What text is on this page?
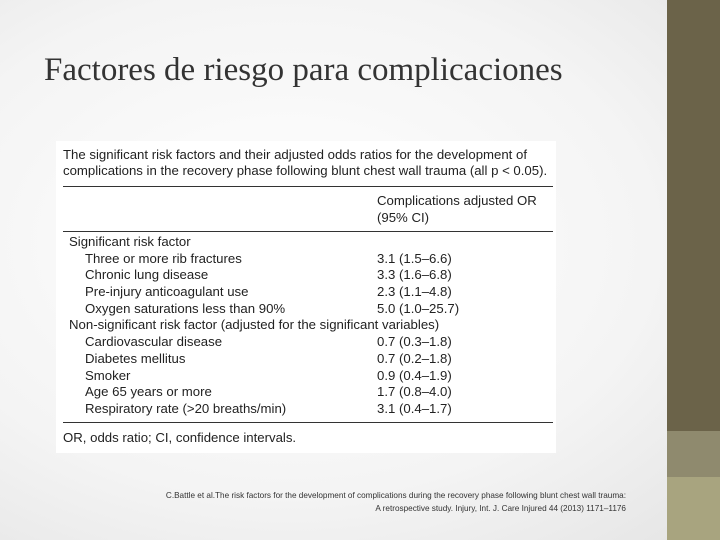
Factores de riesgo para complicaciones

The significant risk factors and their adjusted odds ratios for the development of complications in the recovery phase following blunt chest wall trauma (all p < 0.05).

Complications adjusted OR
(95% CI)
Significant risk factor
Three or more rib fractures	3.1 (1.5–6.6)
Chronic lung disease	3.3 (1.6–6.8)
Pre-injury anticoagulant use	2.3 (1.1–4.8)
Oxygen saturations less than 90%	5.0 (1.0–25.7)
Non-significant risk factor (adjusted for the significant variables)
Cardiovascular disease	0.7 (0.3–1.8)
Diabetes mellitus	0.7 (0.2–1.8)
Smoker	0.9 (0.4–1.9)
Age 65 years or more	1.7 (0.8–4.0)
Respiratory rate (>20 breaths/min)	3.1 (0.4–1.7)
OR, odds ratio; CI, confidence intervals.
C.Battle et al.The risk factors for the development of complications during the recovery phase following blunt chest wall trauma:
A retrospective study. Injury, Int. J. Care Injured 44 (2013) 1171–1176
